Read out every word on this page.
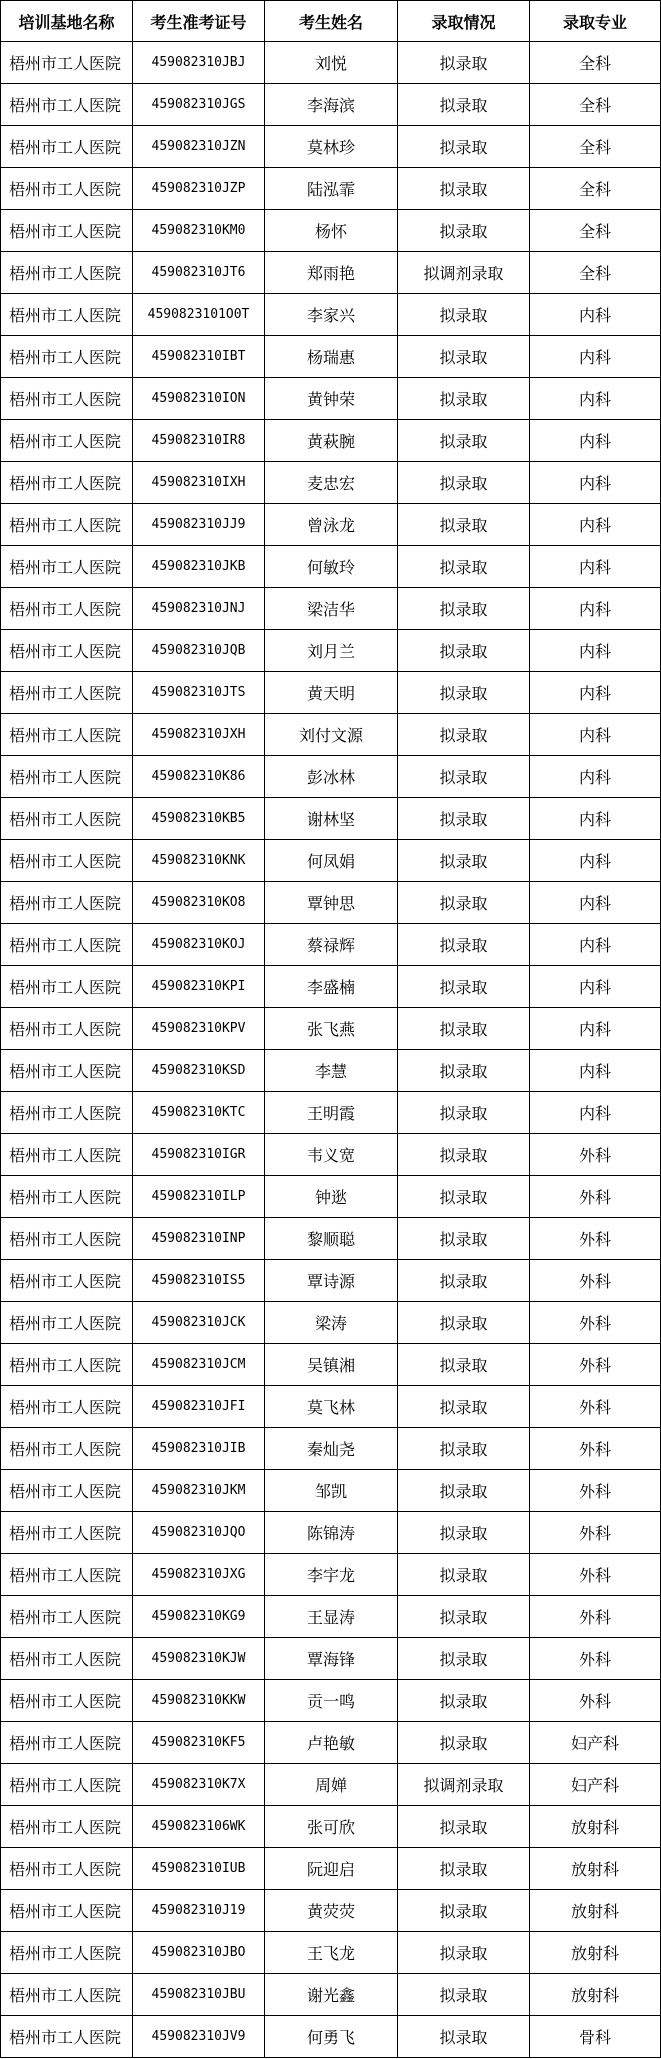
培训基地名称	考生准考证号	考生姓名	录取情况	录取专业
梧州市工人医院	459082310JBJ	刘悦	拟录取	全科
梧州市工人医院	459082310JGS	李海滨	拟录取	全科
梧州市工人医院	459082310JZN	莫林珍	拟录取	全科
梧州市工人医院	459082310JZP	陆泓霏	拟录取	全科
梧州市工人医院	459082310KM0	杨怀	拟录取	全科
梧州市工人医院	459082310JT6	郑雨艳	拟调剂录取	全科
梧州市工人医院	4590823101O0T	李家兴	拟录取	内科
梧州市工人医院	459082310IBT	杨瑞惠	拟录取	内科
梧州市工人医院	459082310ION	黄钟荣	拟录取	内科
梧州市工人医院	459082310IR8	黄萩腕	拟录取	内科
梧州市工人医院	459082310IXH	麦忠宏	拟录取	内科
梧州市工人医院	459082310JJ9	曾泳龙	拟录取	内科
梧州市工人医院	459082310JKB	何敏玲	拟录取	内科
梧州市工人医院	459082310JNJ	梁洁华	拟录取	内科
梧州市工人医院	459082310JQB	刘月兰	拟录取	内科
梧州市工人医院	459082310JTS	黄天明	拟录取	内科
梧州市工人医院	459082310JXH	刘付文源	拟录取	内科
梧州市工人医院	459082310K86	彭冰林	拟录取	内科
梧州市工人医院	459082310KB5	谢林坚	拟录取	内科
梧州市工人医院	459082310KNK	何凤娟	拟录取	内科
梧州市工人医院	459082310KO8	覃钟思	拟录取	内科
梧州市工人医院	459082310KOJ	蔡禄辉	拟录取	内科
梧州市工人医院	459082310KPI	李盛楠	拟录取	内科
梧州市工人医院	459082310KPV	张飞燕	拟录取	内科
梧州市工人医院	459082310KSD	李慧	拟录取	内科
梧州市工人医院	459082310KTC	王明霞	拟录取	内科
梧州市工人医院	459082310IGR	韦义宽	拟录取	外科
梧州市工人医院	459082310ILP	钟逖	拟录取	外科
梧州市工人医院	459082310INP	黎顺聪	拟录取	外科
梧州市工人医院	459082310IS5	覃诗源	拟录取	外科
梧州市工人医院	459082310JCK	梁涛	拟录取	外科
梧州市工人医院	459082310JCM	吴镇湘	拟录取	外科
梧州市工人医院	459082310JFI	莫飞林	拟录取	外科
梧州市工人医院	459082310JIB	秦灿尧	拟录取	外科
梧州市工人医院	459082310JKM	邹凯	拟录取	外科
梧州市工人医院	459082310JQO	陈锦涛	拟录取	外科
梧州市工人医院	459082310JXG	李宇龙	拟录取	外科
梧州市工人医院	459082310KG9	王显涛	拟录取	外科
梧州市工人医院	459082310KJW	覃海锋	拟录取	外科
梧州市工人医院	459082310KKW	贡一鸣	拟录取	外科
梧州市工人医院	459082310KF5	卢艳敏	拟录取	妇产科
梧州市工人医院	459082310K7X	周婵	拟调剂录取	妇产科
梧州市工人医院	4590823106WK	张可欣	拟录取	放射科
梧州市工人医院	459082310IUB	阮迎启	拟录取	放射科
梧州市工人医院	459082310J19	黄荧荧	拟录取	放射科
梧州市工人医院	459082310JBO	王飞龙	拟录取	放射科
梧州市工人医院	459082310JBU	谢光鑫	拟录取	放射科
梧州市工人医院	459082310JV9	何勇飞	拟录取	骨科
